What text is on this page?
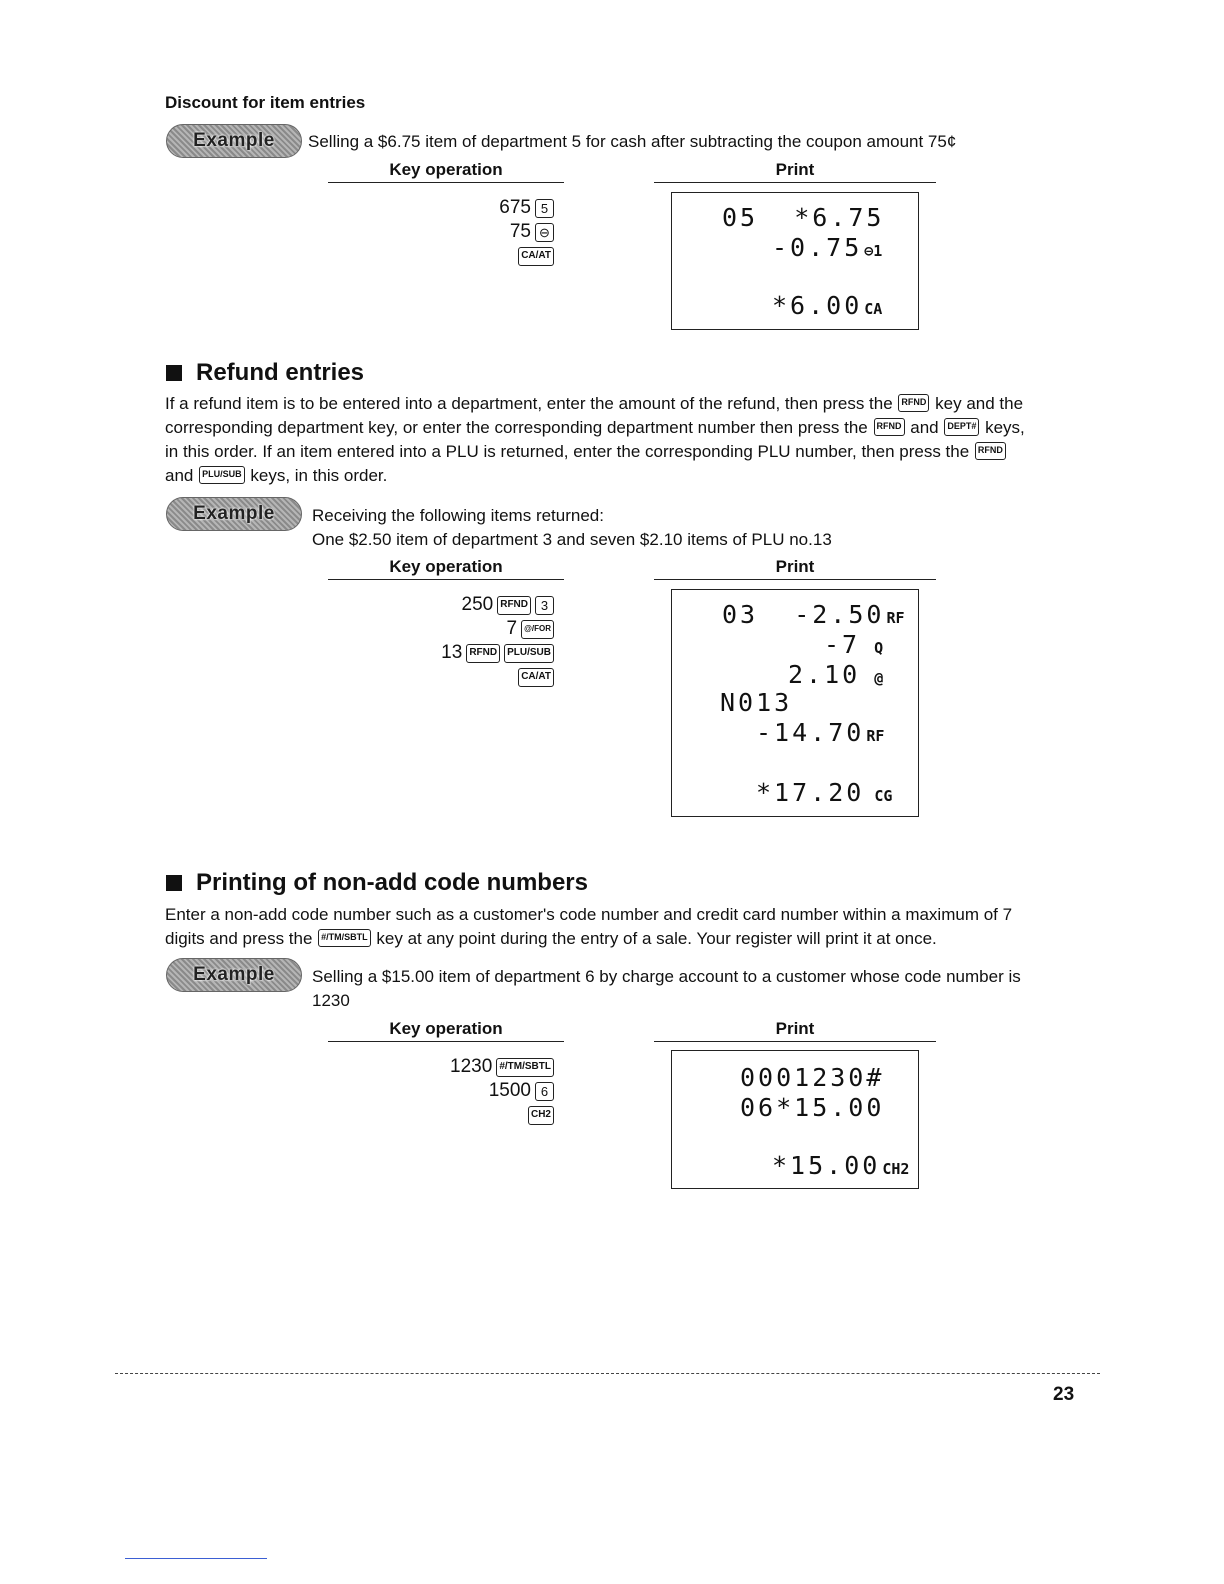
Discount for item entries
Example Selling a $6.75 item of department 5 for cash after subtracting the coupon amount 75¢
Key operation	Print
675 5
75 ⊖
CA/AT
05  *6.75
-0.75 ⊖1
*6.00 CA
Refund entries
If a refund item is to be entered into a department, enter the amount of the refund, then press the RFND key and the corresponding department key, or enter the corresponding department number then press the RFND and DEPT# keys, in this order. If an item entered into a PLU is returned, enter the corresponding PLU number, then press the RFND and PLU/SUB keys, in this order.
Example Receiving the following items returned:
One $2.50 item of department 3 and seven $2.10 items of PLU no.13
Key operation	Print
250 RFND 3
7 @/FOR
13 RFND	PLU/SUB
CA/AT
03  -2.50 RF
-7 Q
2.10 @
N013
-14.70 RF
*17.20 CG
Printing of non-add code numbers
Enter a non-add code number such as a customer's code number and credit card number within a maximum of 7 digits and press the #/TM/SBTL key at any point during the entry of a sale. Your register will print it at once.
Example Selling a $15.00 item of department 6 by charge account to a customer whose code number is 1230
Key operation	Print
1230 #/TM/SBTL
1500 6
CH2
0001230#
06*15.00
*15.00 CH2
23
